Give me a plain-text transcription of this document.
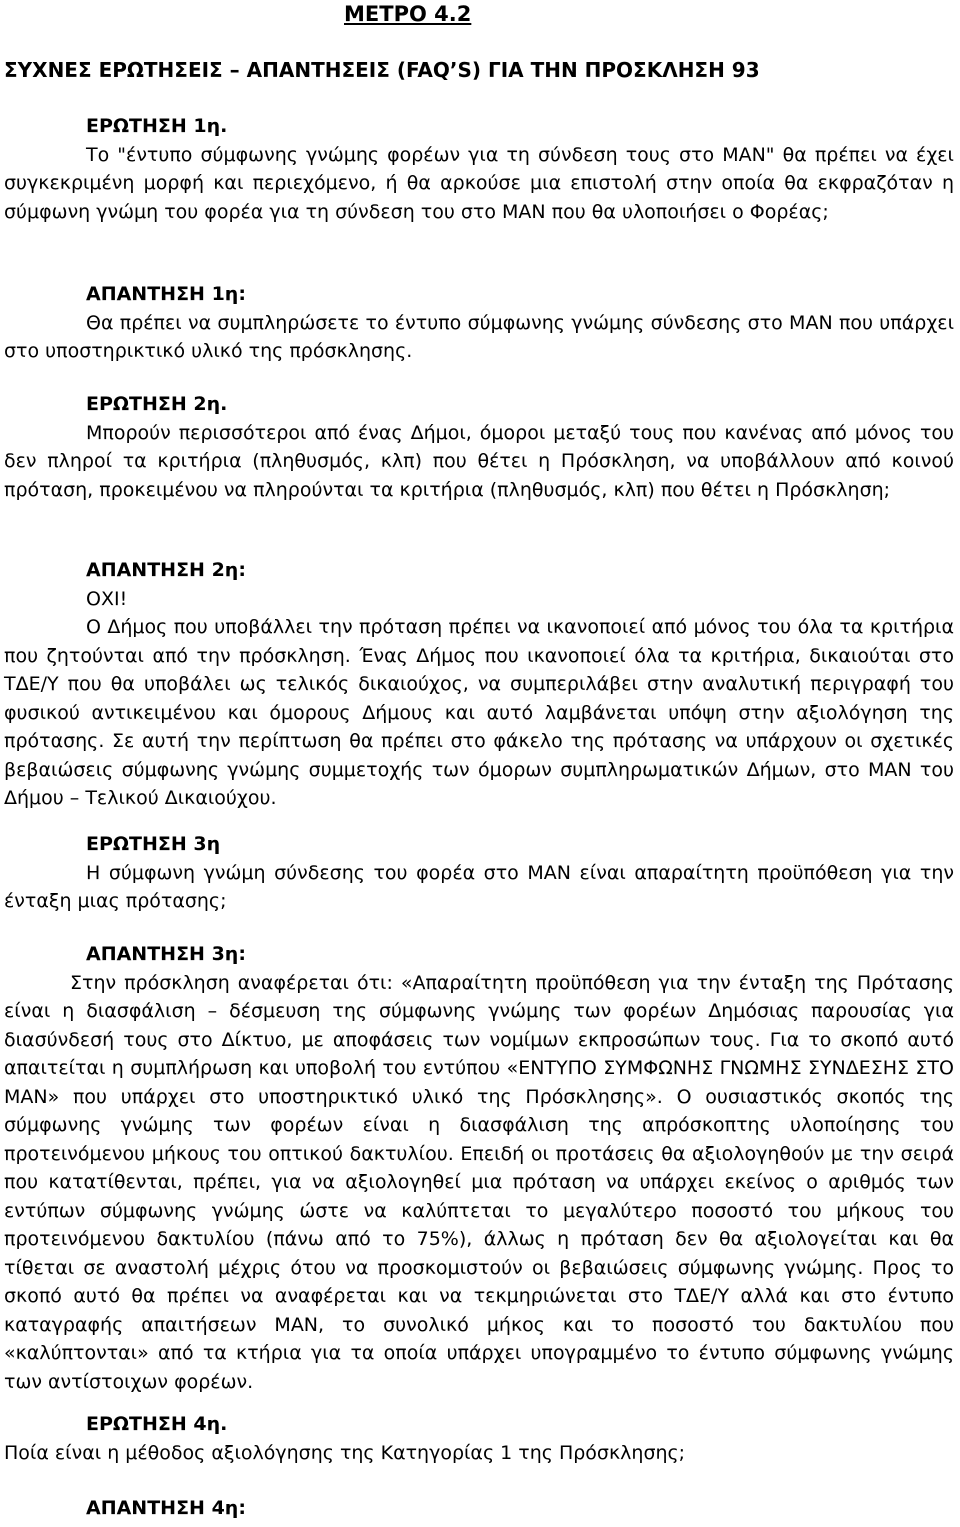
ΜΕΤΡΟ 4.2
ΣΥΧΝΕΣ ΕΡΩΤΗΣΕΙΣ – ΑΠΑΝΤΗΣΕΙΣ (FAQ’S) ΓΙΑ ΤΗΝ ΠΡΟΣΚΛΗΣΗ 93

ΕΡΩΤΗΣΗ 1η.

Το "έντυπο σύμφωνης γνώμης φορέων για τη σύνδεση τους στο MAN" θα πρέπει να έχει συγκεκριμένη μορφή και περιεχόμενο, ή θα αρκούσε μια επιστολή στην οποία θα εκφραζόταν η σύμφωνη γνώμη του φορέα για τη σύνδεση του στο MAN που θα υλοποιήσει ο Φορέας;

ΑΠΑΝΤΗΣΗ 1η:

Θα πρέπει να συμπληρώσετε το έντυπο σύμφωνης γνώμης σύνδεσης στο MAN που υπάρχει στο υποστηρικτικό υλικό της πρόσκλησης.

ΕΡΩΤΗΣΗ 2η.

Μπορούν περισσότεροι από ένας Δήμοι, όμοροι μεταξύ τους που κανένας από μόνος του δεν πληροί τα κριτήρια (πληθυσμός, κλπ) που θέτει η Πρόσκληση, να υποβάλλουν από κοινού πρόταση, προκειμένου να πληρούνται τα κριτήρια (πληθυσμός, κλπ) που θέτει η Πρόσκληση;

ΑΠΑΝΤΗΣΗ 2η:

ΟΧΙ!

Ο Δήμος που υποβάλλει την πρόταση πρέπει να ικανοποιεί από μόνος του όλα τα κριτήρια που ζητούνται από την πρόσκληση. Ένας Δήμος που ικανοποιεί όλα τα κριτήρια, δικαιούται στο ΤΔΕ/Υ που θα υποβάλει ως τελικός δικαιούχος, να συμπεριλάβει στην αναλυτική περιγραφή του φυσικού αντικειμένου και όμορους Δήμους και αυτό λαμβάνεται υπόψη στην αξιολόγηση της πρότασης. Σε αυτή την περίπτωση θα πρέπει στο φάκελο της πρότασης να υπάρχουν οι σχετικές βεβαιώσεις σύμφωνης γνώμης συμμετοχής των όμορων συμπληρωματικών Δήμων, στο MAN του Δήμου – Τελικού Δικαιούχου.

ΕΡΩΤΗΣΗ 3η

Η σύμφωνη γνώμη σύνδεσης του φορέα στο MAN είναι απαραίτητη προϋπόθεση για την ένταξη μιας πρότασης;

ΑΠΑΝΤΗΣΗ 3η:

Στην πρόσκληση αναφέρεται ότι: «Απαραίτητη προϋπόθεση για την ένταξη της Πρότασης είναι η διασφάλιση – δέσμευση της σύμφωνης γνώμης των φορέων Δημόσιας παρουσίας για διασύνδεσή τους στο Δίκτυο, με αποφάσεις των νομίμων εκπροσώπων τους. Για το σκοπό αυτό απαιτείται η συμπλήρωση και υποβολή του εντύπου «ΕΝΤΥΠΟ ΣΥΜΦΩΝΗΣ ΓΝΩΜΗΣ ΣΥΝΔΕΣΗΣ ΣΤΟ MAN» που υπάρχει στο υποστηρικτικό υλικό της Πρόσκλησης». Ο ουσιαστικός σκοπός της σύμφωνης γνώμης των φορέων είναι η διασφάλιση της απρόσκοπτης υλοποίησης του προτεινόμενου μήκους του οπτικού δακτυλίου. Επειδή οι προτάσεις θα αξιολογηθούν με την σειρά που κατατίθενται, πρέπει, για να αξιολογηθεί μια πρόταση να υπάρχει εκείνος ο αριθμός των εντύπων σύμφωνης γνώμης ώστε να καλύπτεται το μεγαλύτερο ποσοστό του μήκους του προτεινόμενου δακτυλίου (πάνω από το 75%), άλλως η πρόταση δεν θα αξιολογείται και θα τίθεται σε αναστολή μέχρις ότου να προσκομιστούν οι βεβαιώσεις σύμφωνης γνώμης. Προς το σκοπό αυτό θα πρέπει να αναφέρεται και να τεκμηριώνεται στο ΤΔΕ/Υ αλλά και στο έντυπο καταγραφής απαιτήσεων MAN, το συνολικό μήκος και το ποσοστό του δακτυλίου που «καλύπτονται» από τα κτήρια για τα οποία υπάρχει υπογραμμένο το έντυπο σύμφωνης γνώμης των αντίστοιχων φορέων.

ΕΡΩΤΗΣΗ 4η.

Ποία είναι η μέθοδος αξιολόγησης της Κατηγορίας 1 της Πρόσκλησης;

ΑΠΑΝΤΗΣΗ 4η:
